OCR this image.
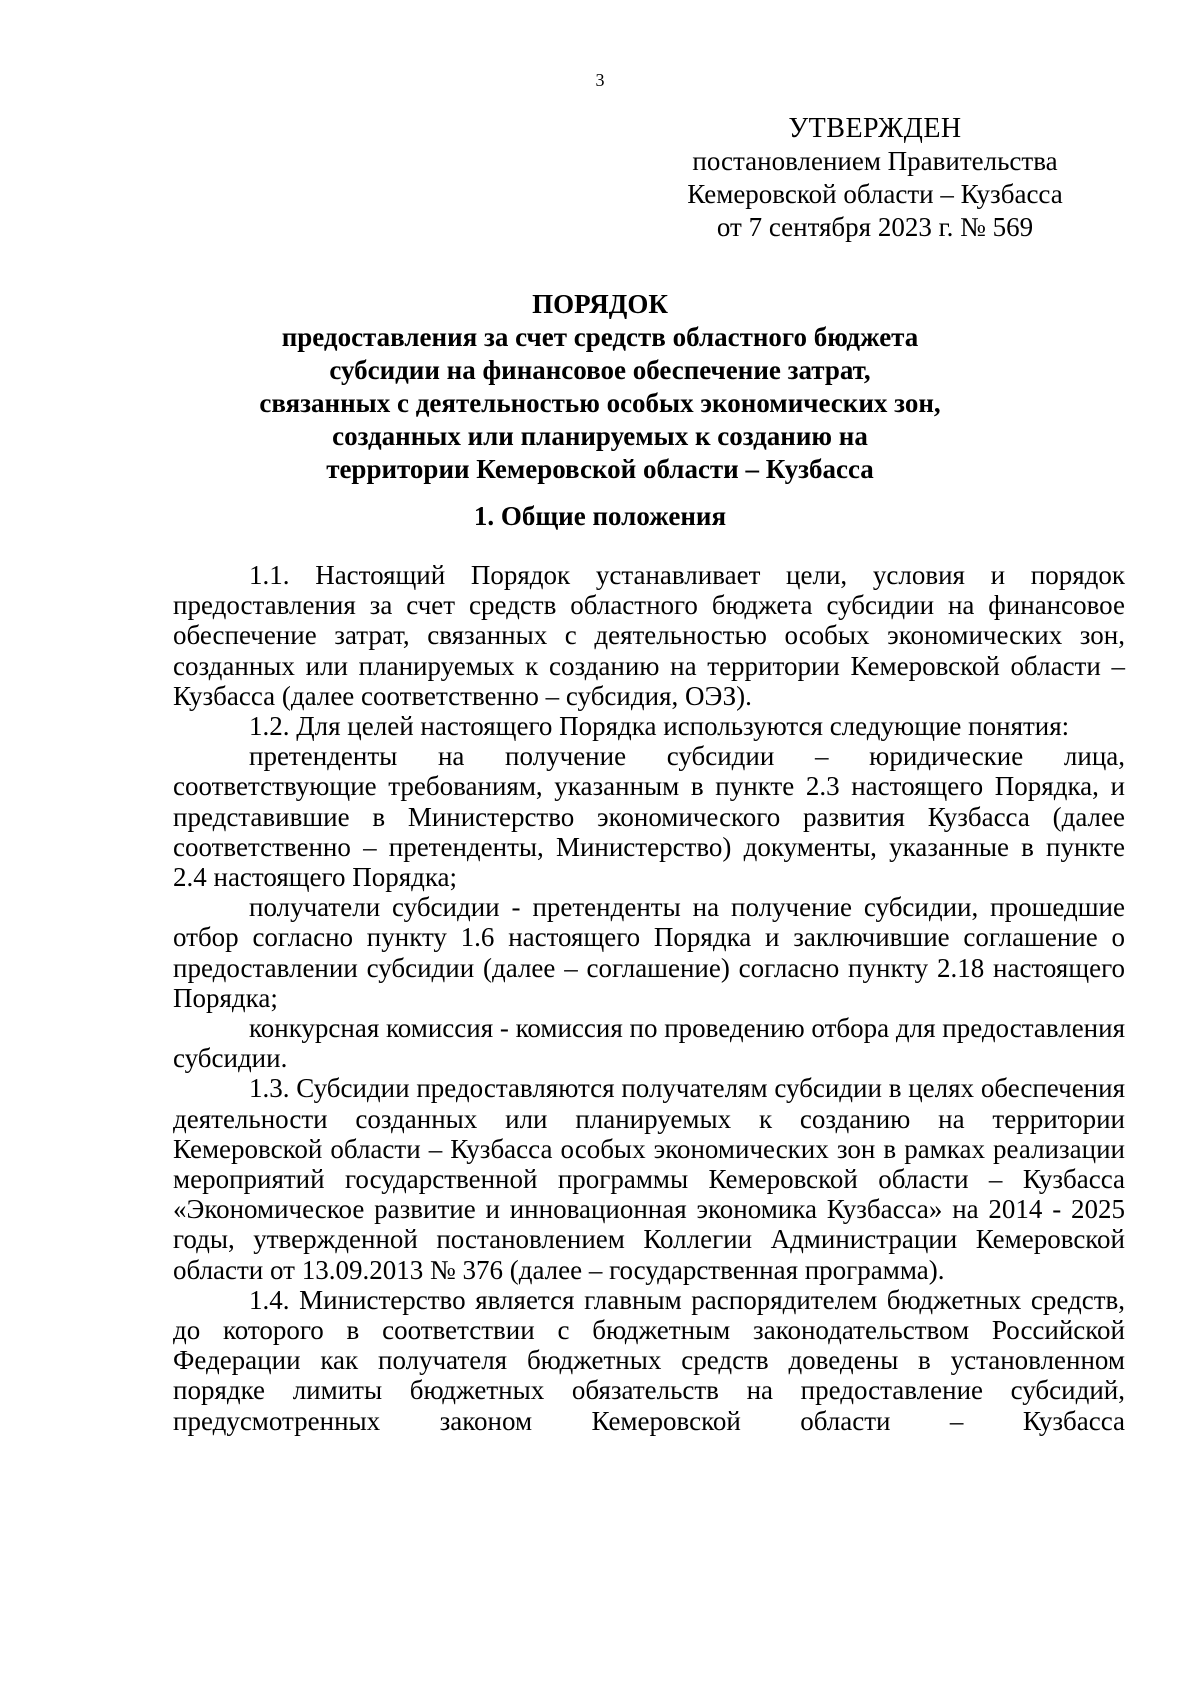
3
УТВЕРЖДЕН
постановлением Правительства
Кемеровской области – Кузбасса
от 7 сентября 2023 г. № 569
ПОРЯДОК
предоставления за счет средств областного бюджета
субсидии на финансовое обеспечение затрат,
связанных с деятельностью особых экономических зон,
созданных или планируемых к созданию на
территории Кемеровской области – Кузбасса
1. Общие положения

1.1. Настоящий Порядок устанавливает цели, условия и порядок предоставления за счет средств областного бюджета субсидии на финансовое обеспечение затрат, связанных с деятельностью особых экономических зон, созданных или планируемых к созданию на территории Кемеровской области – Кузбасса (далее соответственно – субсидия, ОЭЗ).

1.2. Для целей настоящего Порядка используются следующие понятия:

претенденты на получение субсидии – юридические лица, соответствующие требованиям, указанным в пункте 2.3 настоящего Порядка, и представившие в Министерство экономического развития Кузбасса (далее соответственно – претенденты, Министерство) документы, указанные в пункте 2.4 настоящего Порядка;

получатели субсидии - претенденты на получение субсидии, прошедшие отбор согласно пункту 1.6 настоящего Порядка и заключившие соглашение о предоставлении субсидии (далее – соглашение) согласно пункту 2.18 настоящего Порядка;

конкурсная комиссия - комиссия по проведению отбора для предоставления субсидии.

1.3. Субсидии предоставляются получателям субсидии в целях обеспечения деятельности созданных или планируемых к созданию на территории Кемеровской области – Кузбасса особых экономических зон в рамках реализации мероприятий государственной программы Кемеровской области – Кузбасса «Экономическое развитие и инновационная экономика Кузбасса» на 2014 - 2025 годы, утвержденной постановлением Коллегии Администрации Кемеровской области от 13.09.2013 № 376 (далее – государственная программа).

1.4. Министерство является главным распорядителем бюджетных средств, до которого в соответствии с бюджетным законодательством Российской Федерации как получателя бюджетных средств доведены в установленном порядке лимиты бюджетных обязательств на предоставление субсидий, предусмотренных законом Кемеровской области – Кузбасса
